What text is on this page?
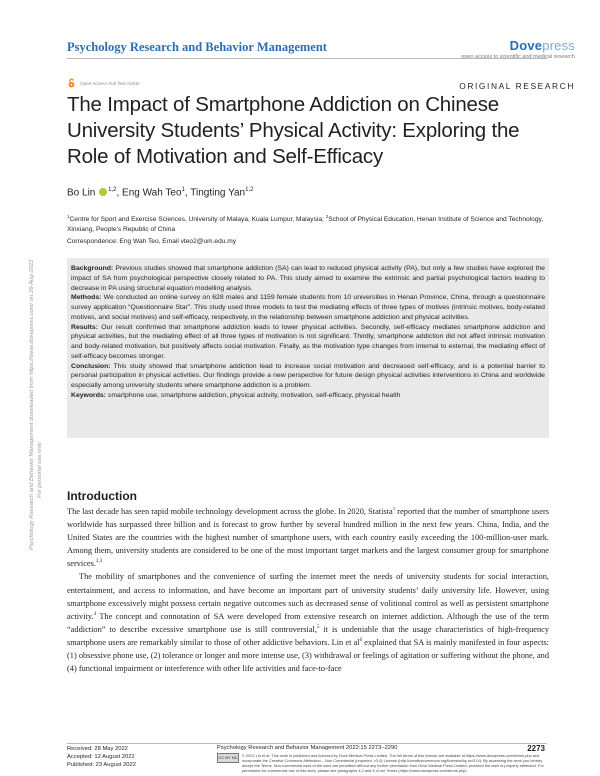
Psychology Research and Behavior Management	Dovepress
open access to scientific and medical research
Open Access Full Text Article	ORIGINAL RESEARCH
The Impact of Smartphone Addiction on Chinese University Students’ Physical Activity: Exploring the Role of Motivation and Self-Efficacy
Bo Lin $^{1,2}$, Eng Wah Teo$^1$, Tingting Yan$^{1,2}$
$^1$Centre for Sport and Exercise Sciences, University of Malaya, Kuala Lumpur, Malaysia; $^2$School of Physical Education, Henan Institute of Science and Technology, Xinxiang, People’s Republic of China
Correspondence: Eng Wah Teo, Email vteo2@um.edu.my

Background: Previous studies showed that smartphone addiction (SA) can lead to reduced physical activity (PA), but only a few studies have explored the impact of SA from psychological perspective closely related to PA. This study aimed to examine the extrinsic and partial psychological factors leading to decrease in PA using structural equation modelling analysis.

Methods: We conducted an online survey on 628 males and 1159 female students from 10 universities in Henan Province, China, through a questionnaire survey application “Questionnaire Star”. This study used three models to test the mediating effects of three types of motives (intrinsic motives, body-related motives, and social motives) and self-efficacy, respectively, in the relationship between smartphone addiction and physical activities.

Results: Our result confirmed that smartphone addiction leads to lower physical activities. Secondly, self-efficacy mediates smartphone addiction and physical activities, but the mediating effect of all three types of motivation is not significant. Thirdly, smartphone addiction did not affect intrinsic motivation and body-related motivation, but positively affects social motivation. Finally, as the motivation type changes from internal to external, the mediating effect of self-efficacy becomes stronger.

Conclusion: This study showed that smartphone addiction lead to increase social motivation and decreased self-efficacy, and is a potential barrier to personal participation in physical activities. Our findings provide a new perspective for future design physical activities interventions in China and worldwide especially among university students where smartphone addiction is a problem.

Keywords: smartphone use, smartphone addiction, physical activity, motivation, self-efficacy, physical health

Psychology Research and Behavior Management downloaded from https://www.dovepress.com/ on 26-Aug-2022 For personal use only. Introduction

The last decade has seen rapid mobile technology development across the globe. In 2020, Statista$^1$ reported that the number of smartphone users worldwide has surpassed three billion and is forecast to grow further by several hundred million in the next few years. China, India, and the United States are the countries with the highest number of smartphone users, with each country easily exceeding the 100-million-user mark. Among them, university students are considered to be one of the most important target markets and the largest consumer group for smartphone services.$^{2,3}$

The mobility of smartphones and the convenience of surfing the internet meet the needs of university students for social interaction, entertainment, and access to information, and have become an important part of university students’ daily university life. However, using smartphone excessively might possess certain negative outcomes such as decreased sense of volitional control as well as persistent smartphone activity.$^4$ The concept and connotation of SA were developed from extensive research on internet addiction. Although the use of the term “addiction” to describe excessive smartphone use is still controversial,$^5$ it is undeniable that the usage characteristics of high-frequency smartphone users are remarkably similar to those of other addictive behaviors. Lin et $al^6$ explained that SA is mainly manifested in four aspects: (1) obsessive phone use, (2) tolerance or longer and more intense use, (3) withdrawal or feelings of agitation or suffering without the phone, and (4) functional impairment or interference with other life activities and face-to-face

Received: 28 May 2022
Accepted: 12 August 2022
Published: 23 August 2022
Psychology Research and Behavior Management 2022:15 2273–2290	2273
CC BY NC	© 2022 Lin et al. This work is published and licensed by Dove Medical Press Limited. The full terms of this license are available at https://www.dovepress.com/terms.php and incorporate the Creative Commons Attribution – Non Commercial (unported, v3.0) License (http://creativecommons.org/licenses/by-nc/3.0/). By accessing the work you hereby accept the Terms. Non-commercial uses of the work are permitted without any further permission from Dove Medical Press Limited, provided the work is properly attributed. For permission for commercial use of this work, please see paragraphs 4.2 and 5 of our Terms (https://www.dovepress.com/terms.php).
